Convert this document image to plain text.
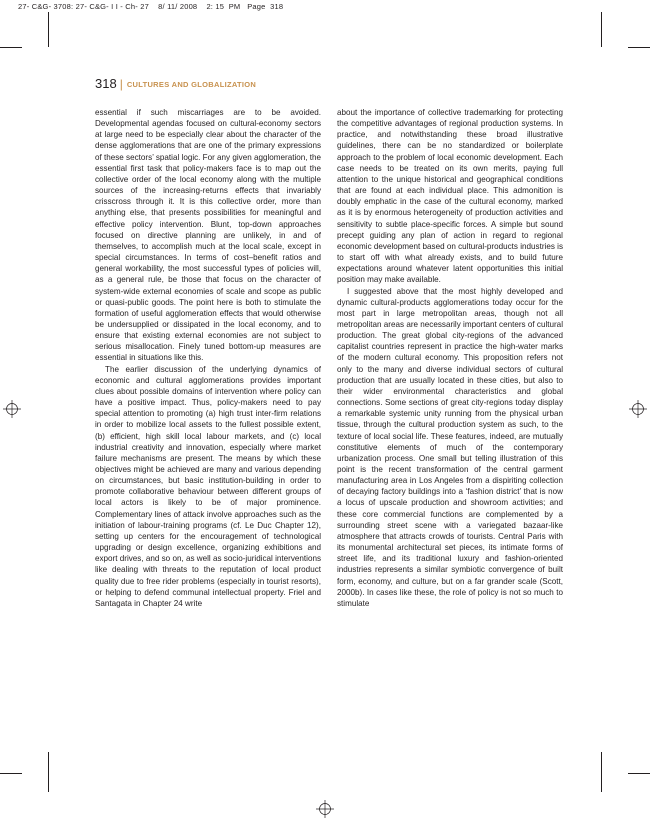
27- C&G- 3708: 27- C&G- I I - Ch- 27    8/ 11/ 2008    2: 15  PM   Page  318
318 | CULTURES AND GLOBALIZATION

essential if such miscarriages are to be avoided. Developmental agendas focused on cultural-economy sectors at large need to be especially clear about the character of the dense agglomerations that are one of the primary expressions of these sectors’ spatial logic. For any given agglomeration, the essential first task that policy-makers face is to map out the collective order of the local economy along with the multiple sources of the increasing-returns effects that invariably crisscross through it. It is this collective order, more than anything else, that presents possibilities for meaningful and effective policy intervention. Blunt, top-down approaches focused on directive planning are unlikely, in and of themselves, to accomplish much at the local scale, except in special circumstances. In terms of cost–benefit ratios and general workability, the most successful types of policies will, as a general rule, be those that focus on the character of system-wide external economies of scale and scope as public or quasi-public goods. The point here is both to stimulate the formation of useful agglomeration effects that would otherwise be undersupplied or dissipated in the local economy, and to ensure that existing external economies are not subject to serious misallocation. Finely tuned bottom-up measures are essential in situations like this.

The earlier discussion of the underlying dynamics of economic and cultural agglomerations provides important clues about possible domains of intervention where policy can have a positive impact. Thus, policy-makers need to pay special attention to promoting (a) high trust inter-firm relations in order to mobilize local assets to the fullest possible extent, (b) efficient, high skill local labour markets, and (c) local industrial creativity and innovation, especially where market failure mechanisms are present. The means by which these objectives might be achieved are many and various depending on circumstances, but basic institution-building in order to promote collaborative behaviour between different groups of local actors is likely to be of major prominence. Complementary lines of attack involve approaches such as the initiation of labour-training programs (cf. Le Duc Chapter 12), setting up centers for the encouragement of technological upgrading or design excellence, organizing exhibitions and export drives, and so on, as well as socio-juridical interventions like dealing with threats to the reputation of local product quality due to free rider problems (especially in tourist resorts), or helping to defend communal intellectual property. Friel and Santagata in Chapter 24 write

about the importance of collective trademarking for protecting the competitive advantages of regional production systems. In practice, and notwithstanding these broad illustrative guidelines, there can be no standardized or boilerplate approach to the problem of local economic development. Each case needs to be treated on its own merits, paying full attention to the unique historical and geographical conditions that are found at each individual place. This admonition is doubly emphatic in the case of the cultural economy, marked as it is by enormous heterogeneity of production activities and sensitivity to subtle place-specific forces. A simple but sound precept guiding any plan of action in regard to regional economic development based on cultural-products industries is to start off with what already exists, and to build future expectations around whatever latent opportunities this initial position may make available.

I suggested above that the most highly developed and dynamic cultural-products agglomerations today occur for the most part in large metropolitan areas, though not all metropolitan areas are necessarily important centers of cultural production. The great global city-regions of the advanced capitalist countries represent in practice the high-water marks of the modern cultural economy. This proposition refers not only to the many and diverse individual sectors of cultural production that are usually located in these cities, but also to their wider environmental characteristics and global connections. Some sections of great city-regions today display a remarkable systemic unity running from the physical urban tissue, through the cultural production system as such, to the texture of local social life. These features, indeed, are mutually constitutive elements of much of the contemporary urbanization process. One small but telling illustration of this point is the recent transformation of the central garment manufacturing area in Los Angeles from a dispiriting collection of decaying factory buildings into a ‘fashion district’ that is now a locus of upscale production and showroom activities; and these core commercial functions are complemented by a surrounding street scene with a variegated bazaar-like atmosphere that attracts crowds of tourists. Central Paris with its monumental architectural set pieces, its intimate forms of street life, and its traditional luxury and fashion-oriented industries represents a similar symbiotic convergence of built form, economy, and culture, but on a far grander scale (Scott, 2000b). In cases like these, the role of policy is not so much to stimulate
